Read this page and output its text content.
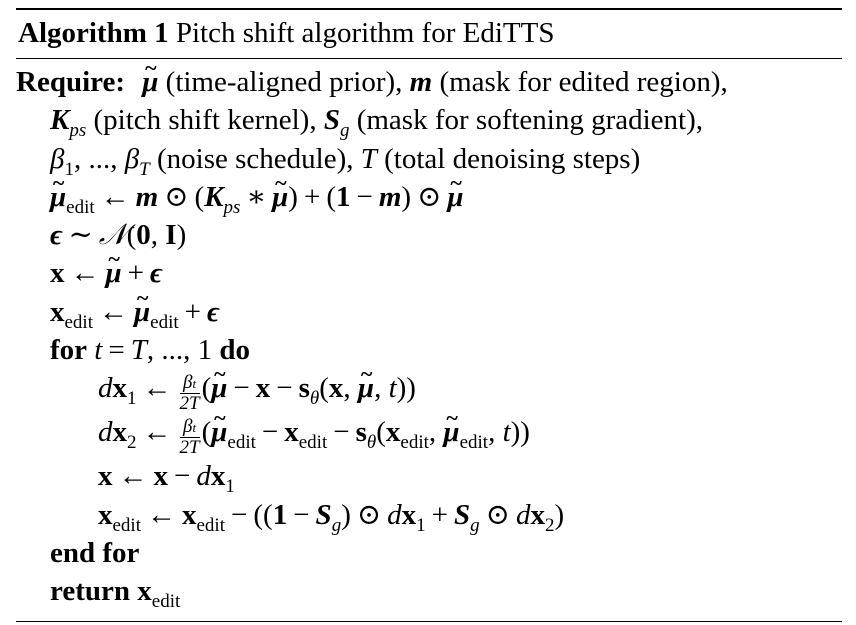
Algorithm 1 Pitch shift algorithm for EdiTTS
Require: ~ μ (time-aligned prior), m (mask for edited region),
$K_{ps}$ (pitch shift kernel), $S_g$ (mask for softening gradient),
$\beta_1$, ..., $\beta_T$ (noise schedule), T (total denoising steps)
~ $\mu_{edit}$ ← m ⊙ ($K_{ps}$ ∗ ~ μ) + (1 − m) ⊙ ~ μ
ϵ ∼ 𝒩(0, I)
x ← ~ μ + ϵ
$x_{edit}$ ← ~ $\mu_{edit} + \epsilon$
for t = T, ..., 1 do
$dx_1$ ← $\frac{\beta t}{2T}$ (~ $\mu - x - s_\theta(x$, ~ μ, t))
$dx_2$ ← $\frac{\beta t}{2T}$ (~ $\mu_{edit} - x_{edit} - s_\theta(x_{edit}$, ~ $\mu_{edit}$, t))
x ← $x - dx_1$
$x_{edit}$ ← $x_{edit} - ((1 - S_g)$ ⊙ $dx_1 + S_g$ ⊙ $dx_2$)
end for
return $x_{edit}$
